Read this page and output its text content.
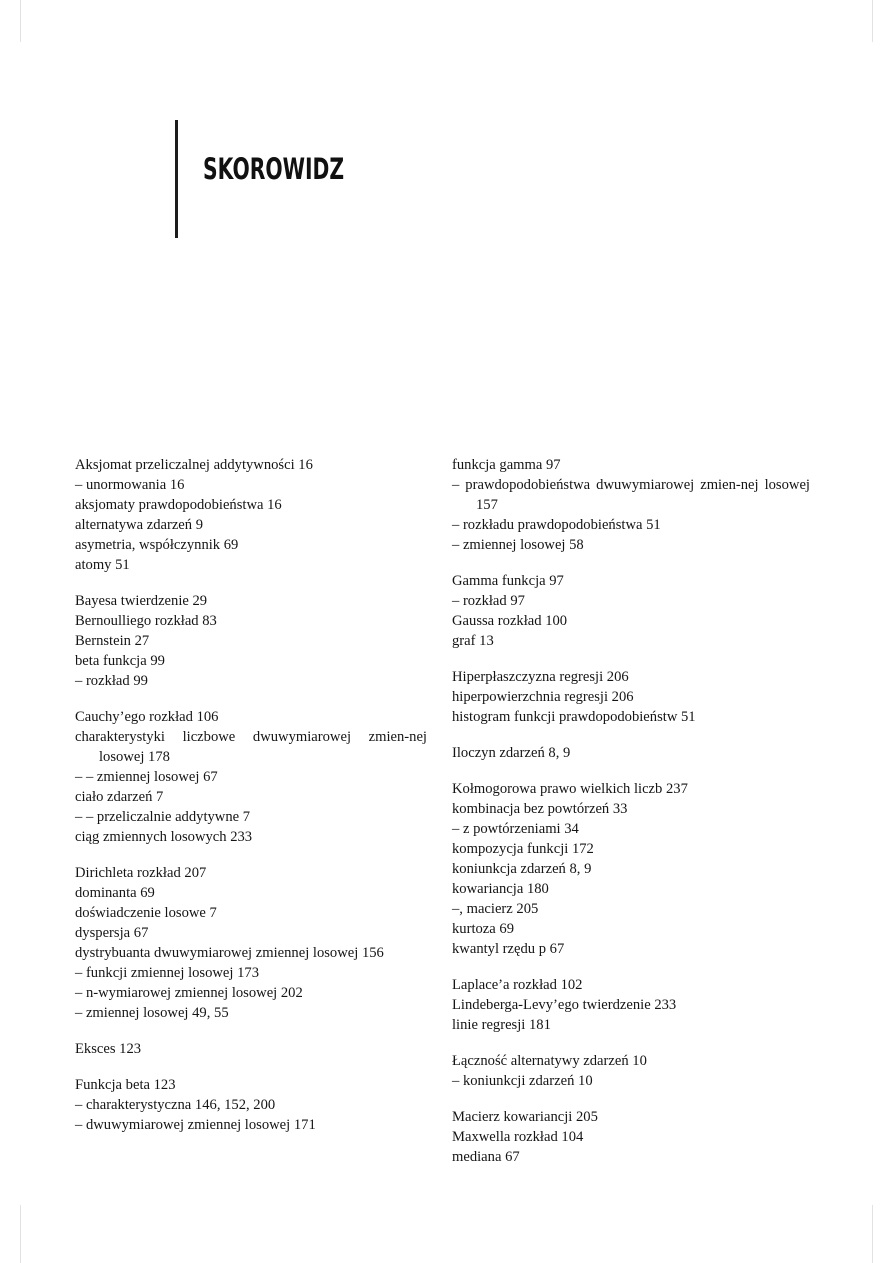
SKOROWIDZ
Aksjomat przeliczalnej addytywności 16
– unormowania 16
aksjomaty prawdopodobieństwa 16
alternatywa zdarzeń 9
asymetria, współczynnik 69
atomy 51
Bayesa twierdzenie 29
Bernoulliego rozkład 83
Bernstein 27
beta funkcja 99
– rozkład 99
Cauchy’ego rozkład 106
charakterystyki liczbowe dwuwymiarowej zmien-nej losowej 178
– – zmiennej losowej 67
ciało zdarzeń 7
– – przeliczalnie addytywne 7
ciąg zmiennych losowych 233
Dirichleta rozkład 207
dominanta 69
doświadczenie losowe 7
dyspersja 67
dystrybuanta dwuwymiarowej zmiennej losowej 156
– funkcji zmiennej losowej 173
– n-wymiarowej zmiennej losowej 202
– zmiennej losowej 49, 55
Eksces 123
Funkcja beta 123
– charakterystyczna 146, 152, 200
– dwuwymiarowej zmiennej losowej 171
funkcja gamma 97
– prawdopodobieństwa dwuwymiarowej zmien-nej losowej 157
– rozkładu prawdopodobieństwa 51
– zmiennej losowej 58
Gamma funkcja 97
– rozkład 97
Gaussa rozkład 100
graf 13
Hiperpłaszczyzna regresji 206
hiperpowierzchnia regresji 206
histogram funkcji prawdopodobieństw 51
Iloczyn zdarzeń 8, 9
Kołmogorowa prawo wielkich liczb 237
kombinacja bez powtórzeń 33
– z powtórzeniami 34
kompozycja funkcji 172
koniunkcja zdarzeń 8, 9
kowariancja 180
–, macierz 205
kurtoza 69
kwantyl rzędu p 67
Laplace’a rozkład 102
Lindeberga-Levy’ego twierdzenie 233
linie regresji 181
Łączność alternatywy zdarzeń 10
– koniunkcji zdarzeń 10
Macierz kowariancji 205
Maxwella rozkład 104
mediana 67
